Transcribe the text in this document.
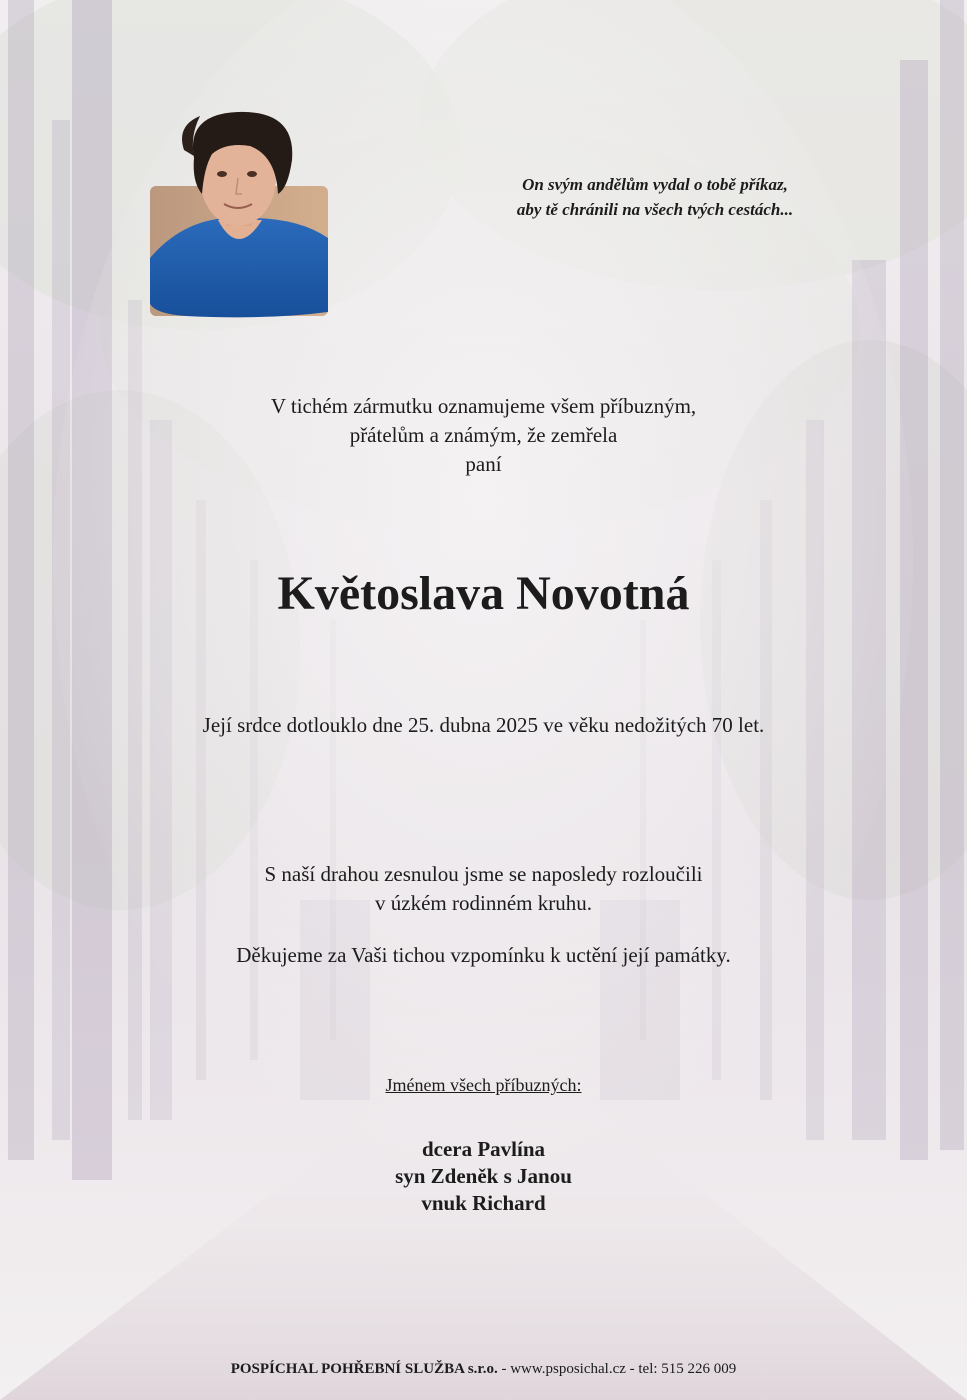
On svým andělům vydal o tobě příkaz,
aby tě chránili na všech tvých cestách...
V tichém zármutku oznamujeme všem příbuzným,
přátelům a známým, že zemřela
paní
Květoslava Novotná
Její srdce dotlouklo dne 25. dubna 2025 ve věku nedožitých 70 let.
S naší drahou zesnulou jsme se naposledy rozloučili
v úzkém rodinném kruhu.
Děkujeme za Vaši tichou vzpomínku k uctění její památky.
Jménem všech příbuzných:
dcera Pavlína
syn Zdeněk s Janou
vnuk Richard
POSPÍCHAL POHŘEBNÍ SLUŽBA s.r.o. - www.psposichal.cz - tel: 515 226 009
